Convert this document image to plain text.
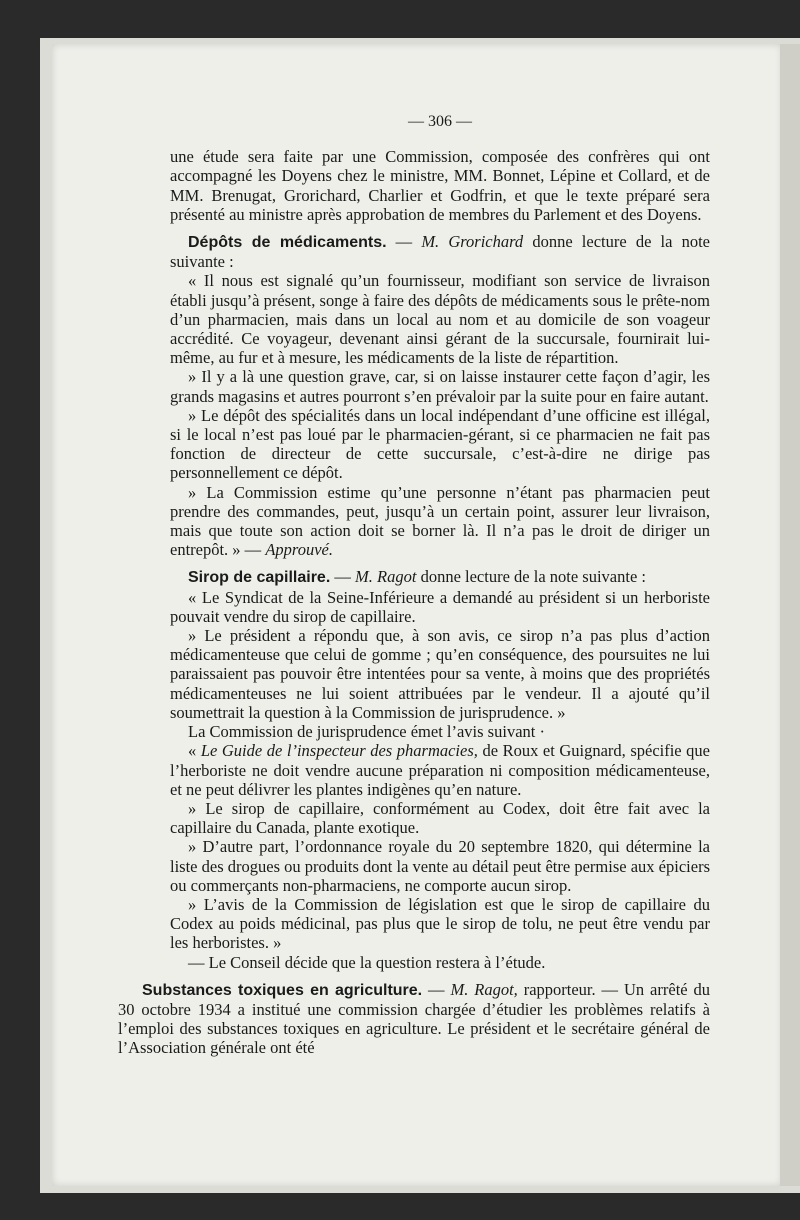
— 306 —

une étude sera faite par une Commission, composée des confrères qui ont accompagné les Doyens chez le ministre, MM. Bonnet, Lépine et Collard, et de MM. Brenugat, Grorichard, Charlier et Godfrin, et que le texte préparé sera présenté au ministre après approbation de membres du Parlement et des Doyens.

Dépôts de médicaments. — M. Grorichard donne lecture de la note suivante :

« Il nous est signalé qu’un fournisseur, modifiant son service de livraison établi jusqu’à présent, songe à faire des dépôts de médicaments sous le prête-nom d’un pharmacien, mais dans un local au nom et au domicile de son voageur accrédité. Ce voyageur, devenant ainsi gérant de la succursale, fournirait lui-même, au fur et à mesure, les médicaments de la liste de répartition.

» Il y a là une question grave, car, si on laisse instaurer cette façon d’agir, les grands magasins et autres pourront s’en prévaloir par la suite pour en faire autant.

» Le dépôt des spécialités dans un local indépendant d’une officine est illégal, si le local n’est pas loué par le pharmacien-gérant, si ce pharmacien ne fait pas fonction de directeur de cette succursale, c’est-à-dire ne dirige pas personnellement ce dépôt.

» La Commission estime qu’une personne n’étant pas pharmacien peut prendre des commandes, peut, jusqu’à un certain point, assurer leur livraison, mais que toute son action doit se borner là. Il n’a pas le droit de diriger un entrepôt. » — Approuvé.

Sirop de capillaire. — M. Ragot donne lecture de la note suivante :

« Le Syndicat de la Seine-Inférieure a demandé au président si un herboriste pouvait vendre du sirop de capillaire.

» Le président a répondu que, à son avis, ce sirop n’a pas plus d’action médicamenteuse que celui de gomme ; qu’en conséquence, des poursuites ne lui paraissaient pas pouvoir être intentées pour sa vente, à moins que des propriétés médicamenteuses ne lui soient attribuées par le vendeur. Il a ajouté qu’il soumettrait la question à la Commission de jurisprudence. »

La Commission de jurisprudence émet l’avis suivant ·

« Le Guide de l’inspecteur des pharmacies, de Roux et Guignard, spécifie que l’herboriste ne doit vendre aucune préparation ni composition médicamenteuse, et ne peut délivrer les plantes indigènes qu’en nature.

» Le sirop de capillaire, conformément au Codex, doit être fait avec la capillaire du Canada, plante exotique.

» D’autre part, l’ordonnance royale du 20 septembre 1820, qui détermine la liste des drogues ou produits dont la vente au détail peut être permise aux épiciers ou commerçants non-pharmaciens, ne comporte aucun sirop.

» L’avis de la Commission de législation est que le sirop de capillaire du Codex au poids médicinal, pas plus que le sirop de tolu, ne peut être vendu par les herboristes. »

— Le Conseil décide que la question restera à l’étude.

Substances toxiques en agriculture. — M. Ragot, rapporteur. — Un arrêté du 30 octobre 1934 a institué une commission chargée d’étudier les problèmes relatifs à l’emploi des substances toxiques en agriculture. Le président et le secrétaire général de l’Association générale ont été
